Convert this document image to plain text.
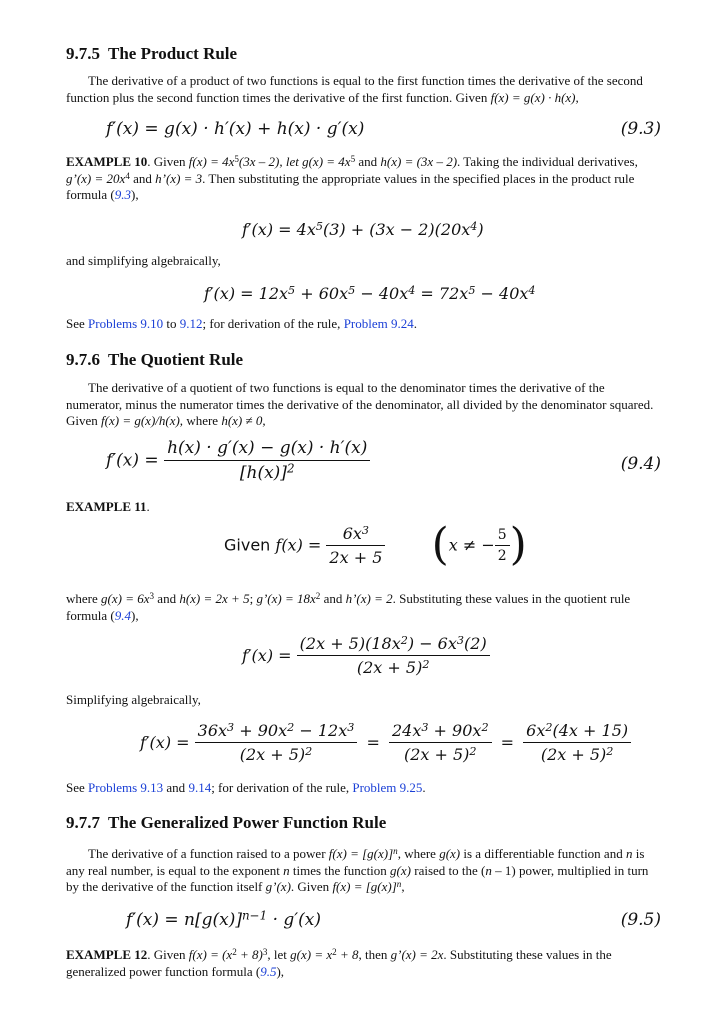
9.7.5 The Product Rule

The derivative of a product of two functions is equal to the first function times the derivative of the second function plus the second function times the derivative of the first function. Given f(x) = g(x) · h(x),

f′(x) = g(x) · h′(x) + h(x) · g′(x)	(9.3)

EXAMPLE 10. Given $f(x) = 4x^5(3x - 2)$, let $g(x) = 4x^5$ and h(x) = (3x – 2). Taking the individual derivatives, g’(x) = $20x^4$ and h’(x) = 3. Then substituting the appropriate values in the specified places in the product rule formula (9.3),

$f'(x) = 4x^5(3) + (3x - 2)(20x^4)$

and simplifying algebraically,

$f'(x) = 12x^5 + 60x^5 - 40x^4 = 72x^5 - 40x^4$

See Problems 9.10 to 9.12; for derivation of the rule, Problem 9.24.

9.7.6 The Quotient Rule

The derivative of a quotient of two functions is equal to the denominator times the derivative of the numerator, minus the numerator times the derivative of the denominator, all divided by the denominator squared. Given f(x) = g(x)/h(x), where h(x) ≠ 0,

$f'(x) = \frac{h(x) \cdot g'(x) - g(x) \cdot h'(x)}{[h(x)]^2}$	(9.4)

EXAMPLE 11.

Given $f(x) = \frac{6x^3}{2x + 5} (x$ ≠ − $\frac{5}{2}$ )

where $g(x) = 6x^3$ and h(x) = 2x + 5; g’(x) = $18x^2$ and h’(x) = 2. Substituting these values in the quotient rule formula (9.4),

$f'(x) = \frac{(2x + 5)(18x^2) - 6x^3(2)}{(2x + 5)^2}$

Simplifying algebraically,

$f'(x) = \frac{36x^3 + 90x^2 - 12x^3}{(2x + 5)^2} = \frac{24x^3 + 90x^2}{(2x + 5)^2} = \frac{6x^2(4x + 15)}{(2x + 5)^2}$

See Problems 9.13 and 9.14; for derivation of the rule, Problem 9.25.

9.7.7 The Generalized Power Function Rule

The derivative of a function raised to a power $f(x) = [g(x)]^n$, where g(x) is a differentiable function and n is any real number, is equal to the exponent n times the function g(x) raised to the (n – 1) power, multiplied in turn by the derivative of the function itself g’(x). Given $f(x) = [g(x)]^n$,

$f'(x) = n[g(x)]^{n-1} \cdot g'(x)$	(9.5)

EXAMPLE 12. Given $f(x) = (x^2 + 8)^3$, let $g(x) = x^2 + 8$, then g’(x) = 2x. Substituting these values in the generalized power function formula (9.5),
